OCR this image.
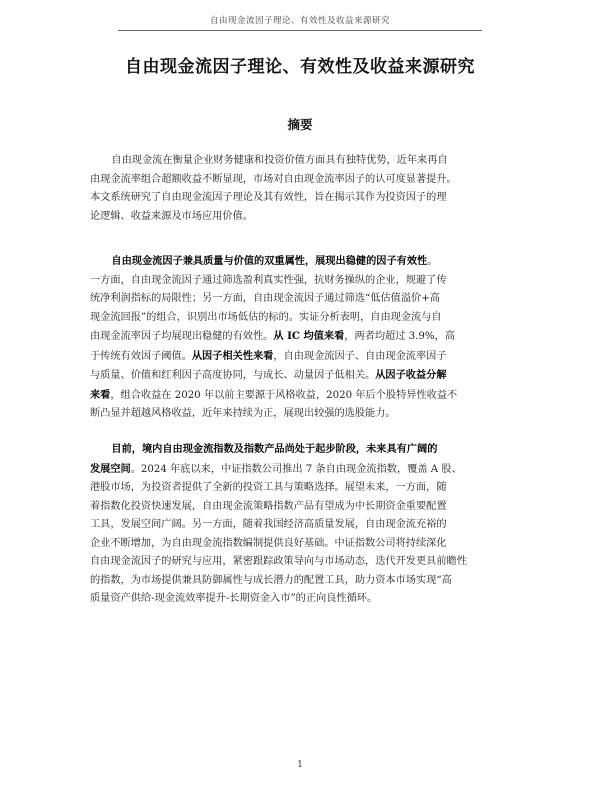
自由现金流因子理论、有效性及收益来源研究
自由现金流因子理论、有效性及收益来源研究
摘要
自由现金流在衡量企业财务健康和投资价值方面具有独特优势，近年来再自
由现金流率组合超额收益不断显现，市场对自由现金流率因子的认可度显著提升。
本文系统研究了自由现金流因子理论及其有效性，旨在揭示其作为投资因子的理
论逻辑、收益来源及市场应用价值。
自由现金流因子兼具质量与价值的双重属性，展现出稳健的因子有效性。
一方面，自由现金流因子通过筛选盈利真实性强，抗财务操纵的企业，规避了传
统净利润指标的局限性；另一方面，自由现金流因子通过筛选“低估值溢价+高
现金流回报”的组合，识别出市场低估的标的。实证分析表明，自由现金流与自
由现金流率因子均展现出稳健的有效性。从 IC 均值来看，两者均超过 3.9%，高
于传统有效因子阈值。从因子相关性来看，自由现金流因子、自由现金流率因子
与质量、价值和红利因子高度协同，与成长、动量因子低相关。从因子收益分解
来看，组合收益在 2020 年以前主要源于风格收益，2020 年后个股特异性收益不
断凸显并超越风格收益，近年来持续为正，展现出较强的选股能力。
目前，境内自由现金流指数及指数产品尚处于起步阶段，未来具有广阔的
发展空间。2024 年底以来，中证指数公司推出 7 条自由现金流指数，覆盖 A 股、
港股市场，为投资者提供了全新的投资工具与策略选择。展望未来，一方面，随
着指数化投资快速发展，自由现金流策略指数产品有望成为中长期资金重要配置
工具，发展空间广阔。另一方面，随着我国经济高质量发展，自由现金流充裕的
企业不断增加，为自由现金流指数编制提供良好基础。中证指数公司将持续深化
自由现金流因子的研究与应用，紧密跟踪政策导向与市场动态，迭代开发更具前瞻性
的指数，为市场提供兼具防御属性与成长潜力的配置工具，助力资本市场实现“高
质量资产供给-现金流效率提升-长期资金入市”的正向良性循环。
1
